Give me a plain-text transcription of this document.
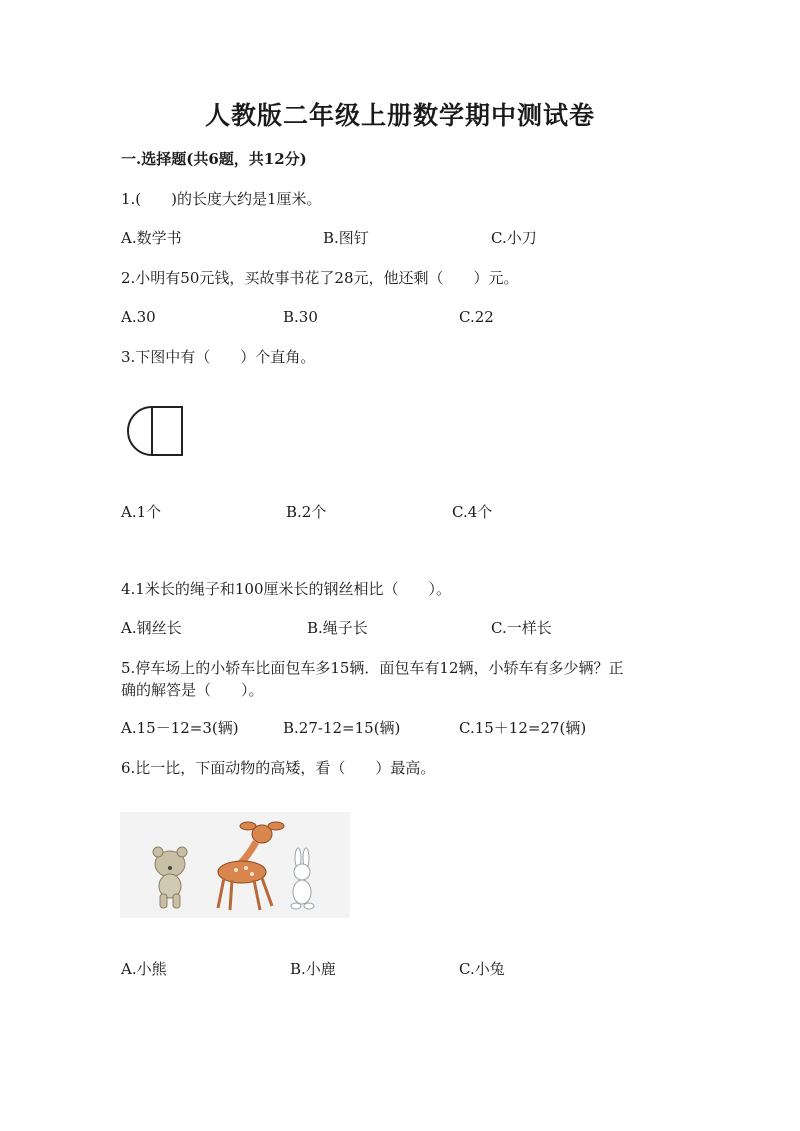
人教版二年级上册数学期中测试卷
一.选择题(共6题，共12分)
1.(　　)的长度大约是1厘米。
A.数学书	B.图钉	C.小刀
2.小明有50元钱，买故事书花了28元，他还剩（　　）元。
A.30	B.30	C.22
3.下图中有（　　）个直角。
A.1个	B.2个	C.4个
4.1米长的绳子和100厘米长的钢丝相比（　　）。
A.钢丝长	B.绳子长	C.一样长
5.停车场上的小轿车比面包车多15辆．面包车有12辆，小轿车有多少辆？正
确的解答是（　　）。
A.15－12=3(辆)	B.27-12=15(辆)	C.15＋12=27(辆)
6.比一比，下面动物的高矮，看（　　）最高。
A.小熊	B.小鹿	C.小兔
